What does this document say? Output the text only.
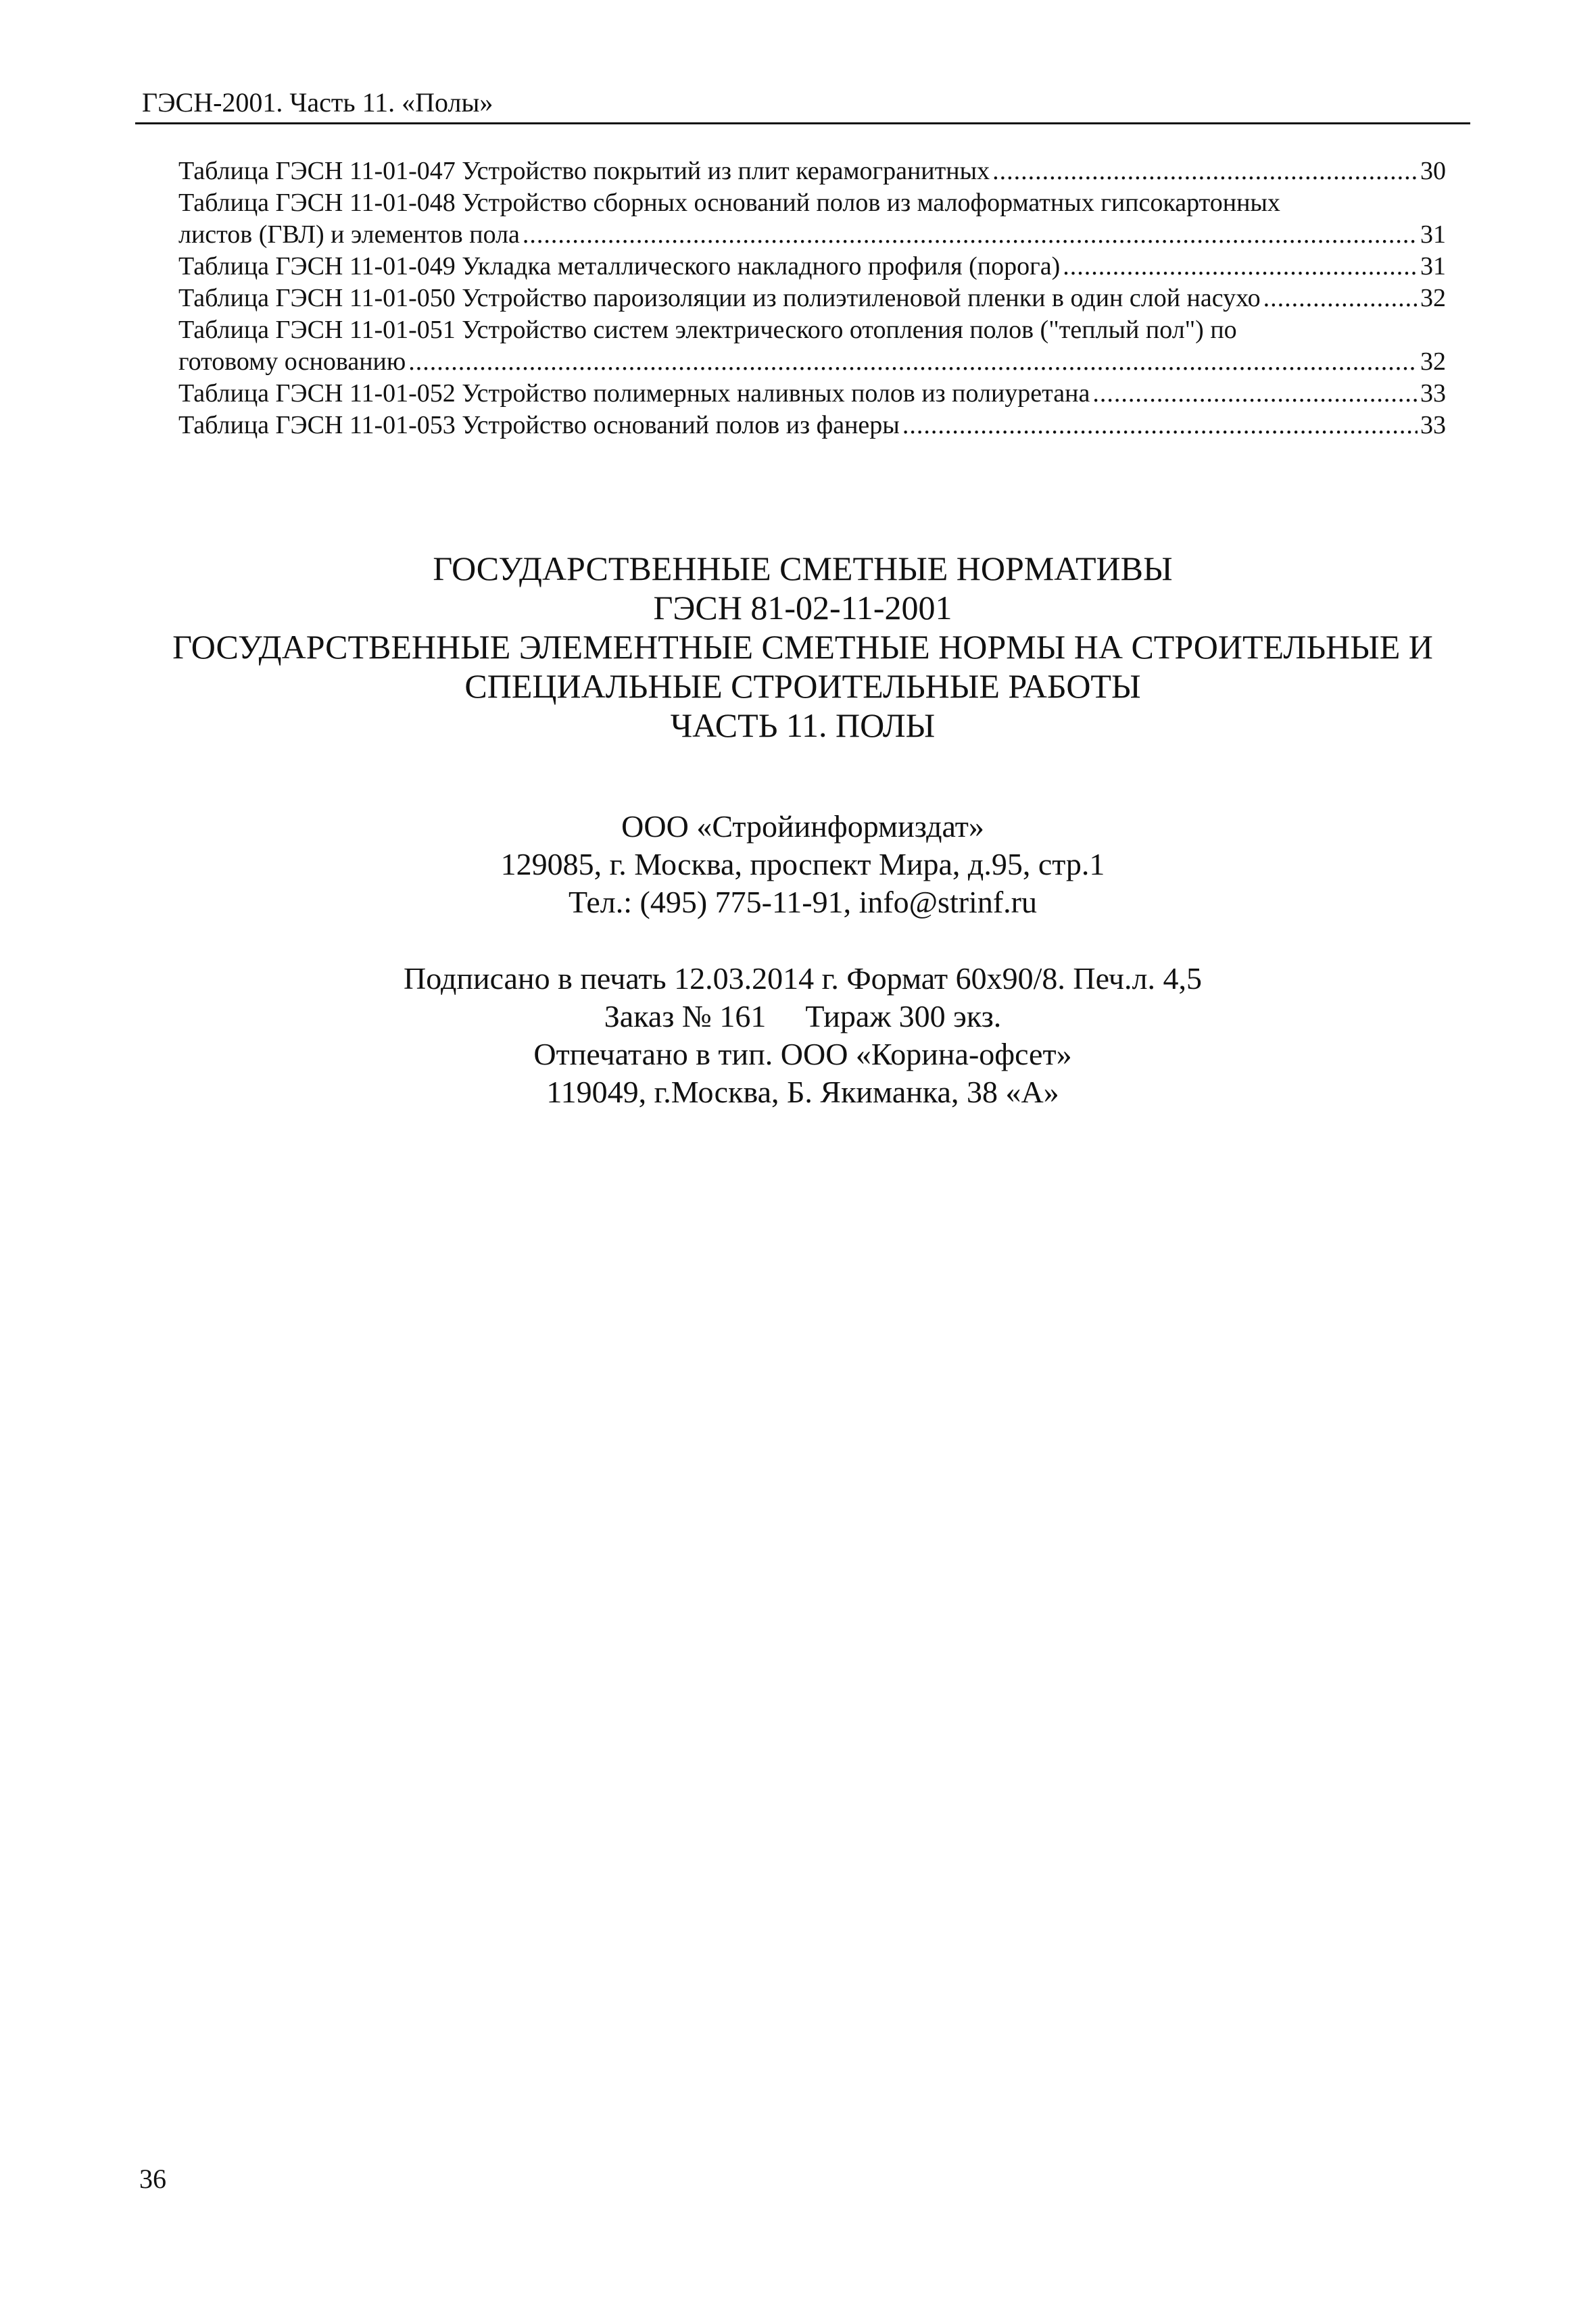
ГЭСН-2001. Часть 11. «Полы»
Таблица ГЭСН 11-01-047 Устройство покрытий из плит керамогранитных .....	30
Таблица ГЭСН 11-01-048 Устройство сборных оснований полов из малоформатных гипсокартонных
листов (ГВЛ) и элементов пола .....	31
Таблица ГЭСН 11-01-049 Укладка металлического накладного профиля (порога) .....	31
Таблица ГЭСН 11-01-050 Устройство пароизоляции из полиэтиленовой пленки в один слой насухо .....	32
Таблица ГЭСН 11-01-051 Устройство систем электрического отопления полов ("теплый пол") по
готовому основанию .....	32
Таблица ГЭСН 11-01-052 Устройство полимерных наливных полов из полиуретана .....	33
Таблица ГЭСН 11-01-053 Устройство оснований полов из фанеры .....	33
ГОСУДАРСТВЕННЫЕ СМЕТНЫЕ НОРМАТИВЫ
ГЭСН 81-02-11-2001
ГОСУДАРСТВЕННЫЕ ЭЛЕМЕНТНЫЕ СМЕТНЫЕ НОРМЫ НА СТРОИТЕЛЬНЫЕ И
СПЕЦИАЛЬНЫЕ СТРОИТЕЛЬНЫЕ РАБОТЫ
ЧАСТЬ 11. ПОЛЫ
ООО «Стройинформиздат»
129085, г. Москва, проспект Мира, д.95, стр.1
Тел.: (495) 775-11-91, info@strinf.ru
Подписано в печать 12.03.2014 г. Формат 60x90/8. Печ.л. 4,5
Заказ № 161 Тираж 300 экз.
Отпечатано в тип. ООО «Корина-офсет»
119049, г.Москва, Б. Якиманка, 38 «А»
36
